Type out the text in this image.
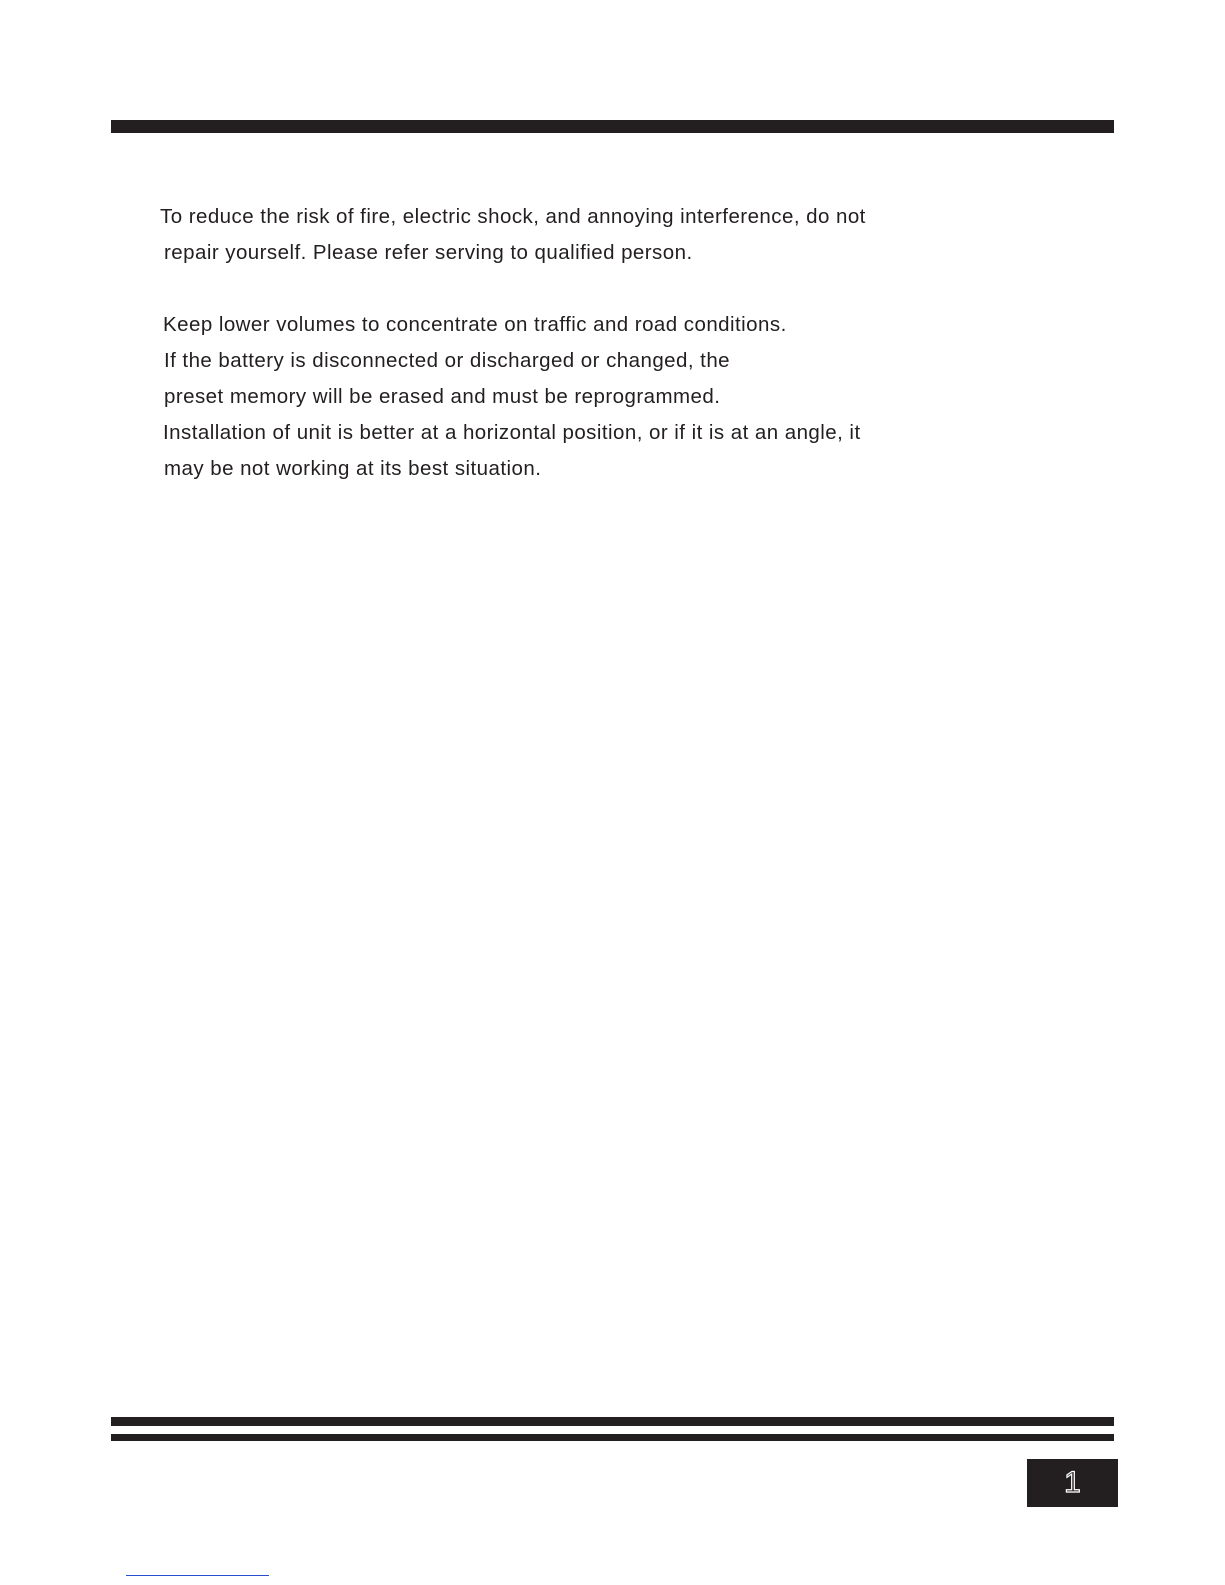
To reduce the risk of fire, electric shock, and annoying interference, do not
repair yourself. Please refer serving to qualified person.
Keep lower volumes to concentrate on traffic and road conditions.
If the battery is disconnected or discharged or changed, the
preset memory will be erased and must be reprogrammed.
Installation of unit is better at a horizontal position, or if it is at an angle, it
may be not working at its best situation.
1
